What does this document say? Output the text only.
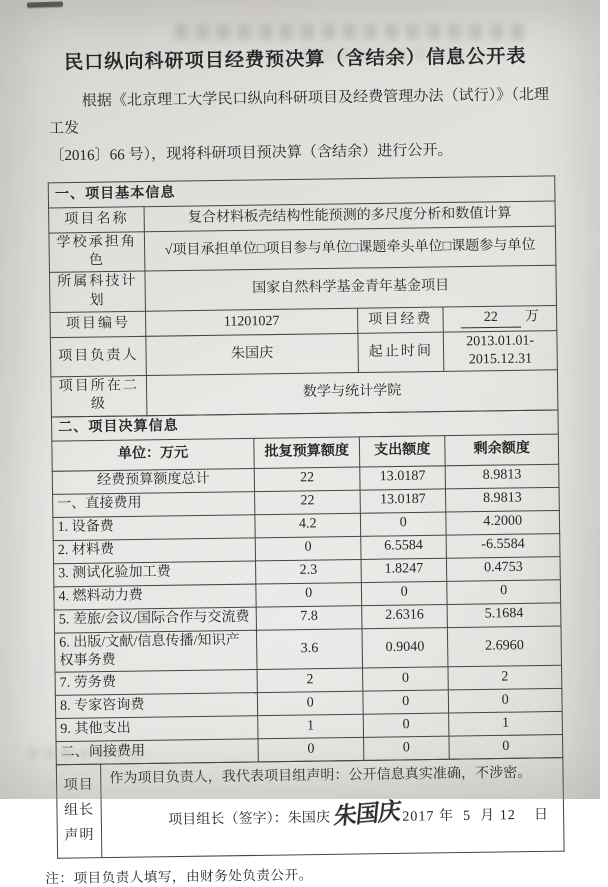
民口纵向科研项目经费预决算（含结余）信息公开表

根据《北京理工大学民口纵向科研项目及经费管理办法（试行）》（北理工发
〔2016〕66 号），现将科研项目预决算（含结余）进行公开。

一、项目基本信息			
项目名称	复合材料板壳结构性能预测的多尺度分析和数值计算		
学校承担角色	√项目承担单位□项目参与单位□课题牵头单位□课题参与单位		
所属科技计划	国家自然科学基金青年基金项目		
项目编号	11201027	项目经费	22 万
项目负责人	朱国庆	起止时间	2013.01.01-2015.12.31
项目所在二级	数学与统计学院		
二、项目决算信息			
单位：万元	批复预算额度	支出额度	剩余额度
经费预算额度总计	22	13.0187	8.9813
一、直接费用	22	13.0187	8.9813
1. 设备费	4.2	0	4.2000
2. 材料费	0	6.5584	-6.5584
3. 测试化验加工费	2.3	1.8247	0.4753
4. 燃料动力费	0	0	0
5. 差旅/会议/国际合作与交流费	7.8	2.6316	5.1684
6. 出版/文献/信息传播/知识产权事务费	3.6	0.9040	2.6960
7. 劳务费	2	0	2
8. 专家咨询费	0	0	0
9. 其他支出	1	0	1
二、间接费用	0	0	0
项目
组长
声明

作为项目负责人，我代表项目组声明：公开信息真实准确，不涉密。
项目组长（签字）：朱国庆 朱国庆 2017 年  5  月 12    日
注：项目负责人填写，由财务处负责公开。
